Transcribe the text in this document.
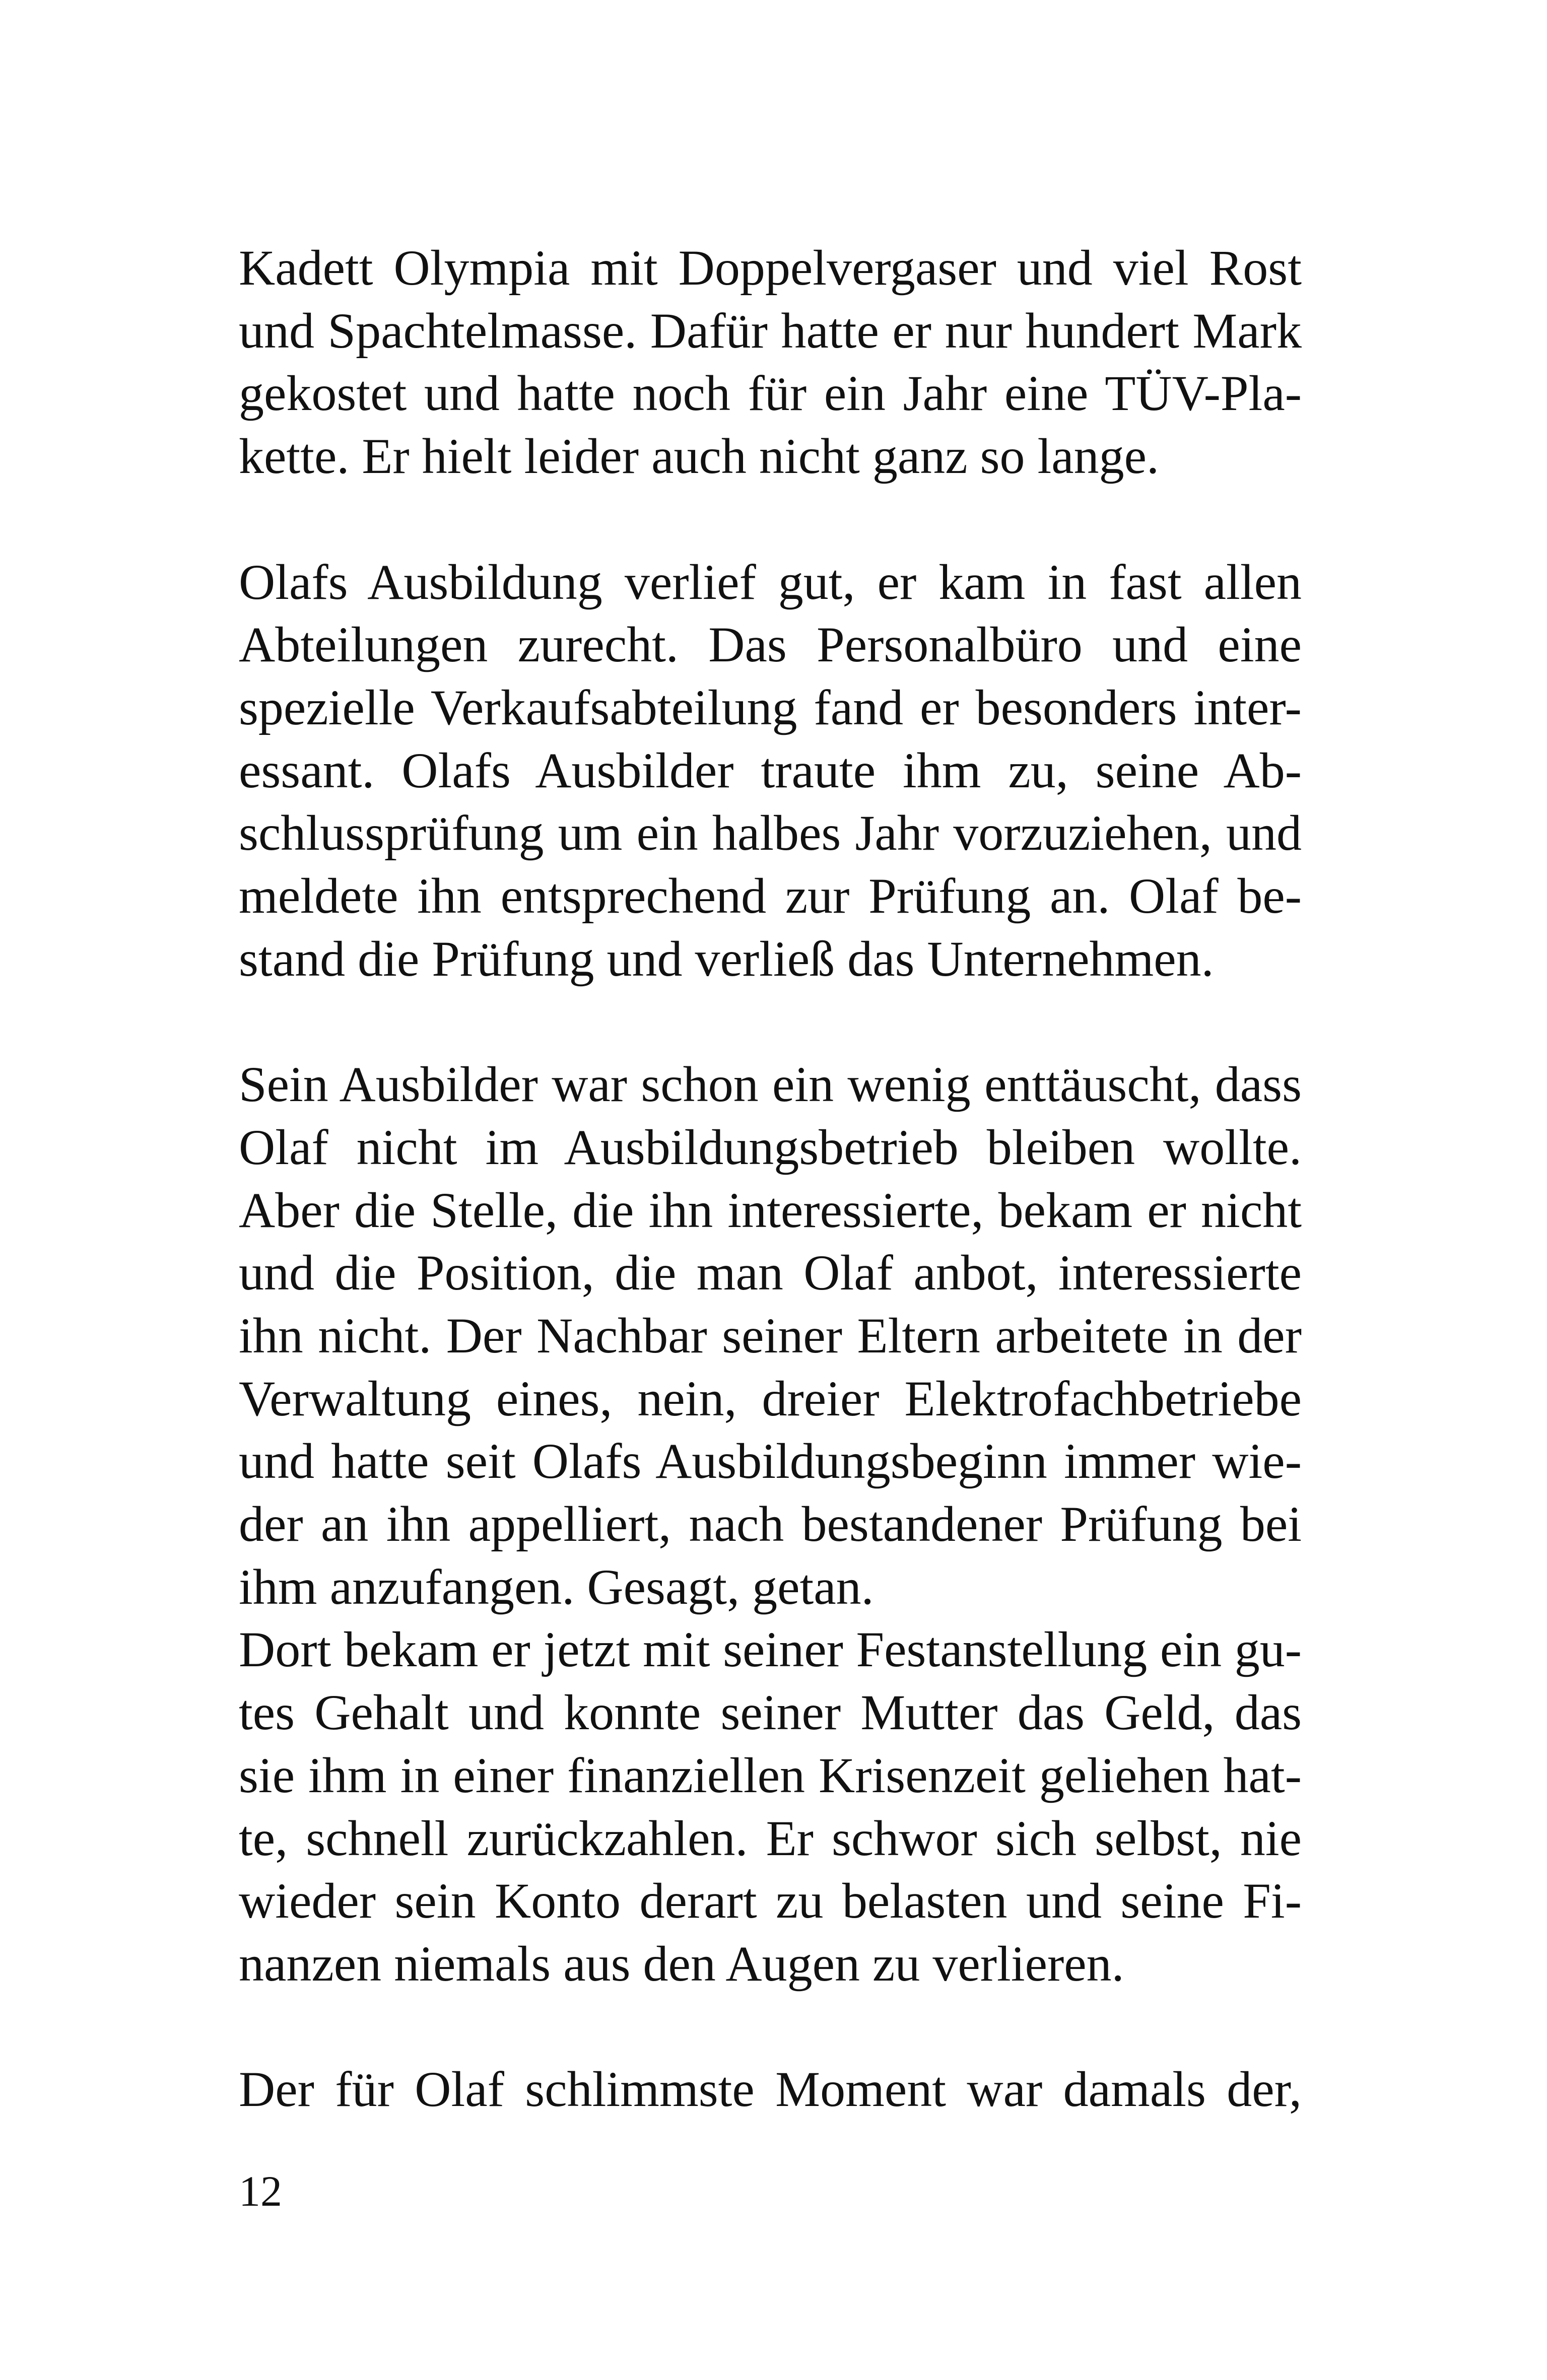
Kadett Olympia mit Doppelvergaser und viel Rost
und Spachtelmasse. Dafür hatte er nur hundert Mark
gekostet und hatte noch für ein Jahr eine TÜV-Pla-
kette. Er hielt leider auch nicht ganz so lange.

Olafs Ausbildung verlief gut, er kam in fast allen
Abteilungen zurecht. Das Personalbüro und eine
spezielle Verkaufsabteilung fand er besonders inter-
essant. Olafs Ausbilder traute ihm zu, seine Ab-
schlussprüfung um ein halbes Jahr vorzuziehen, und
meldete ihn entsprechend zur Prüfung an. Olaf be-
stand die Prüfung und verließ das Unternehmen.

Sein Ausbilder war schon ein wenig enttäuscht, dass
Olaf nicht im Ausbildungsbetrieb bleiben wollte.
Aber die Stelle, die ihn interessierte, bekam er nicht
und die Position, die man Olaf anbot, interessierte
ihn nicht. Der Nachbar seiner Eltern arbeitete in der
Verwaltung eines, nein, dreier Elektrofachbetriebe
und hatte seit Olafs Ausbildungsbeginn immer wie-
der an ihn appelliert, nach bestandener Prüfung bei
ihm anzufangen. Gesagt, getan.

Dort bekam er jetzt mit seiner Festanstellung ein gu-
tes Gehalt und konnte seiner Mutter das Geld, das
sie ihm in einer finanziellen Krisenzeit geliehen hat-
te, schnell zurückzahlen. Er schwor sich selbst, nie
wieder sein Konto derart zu belasten und seine Fi-
nanzen niemals aus den Augen zu verlieren.

Der für Olaf schlimmste Moment war damals der,

12
